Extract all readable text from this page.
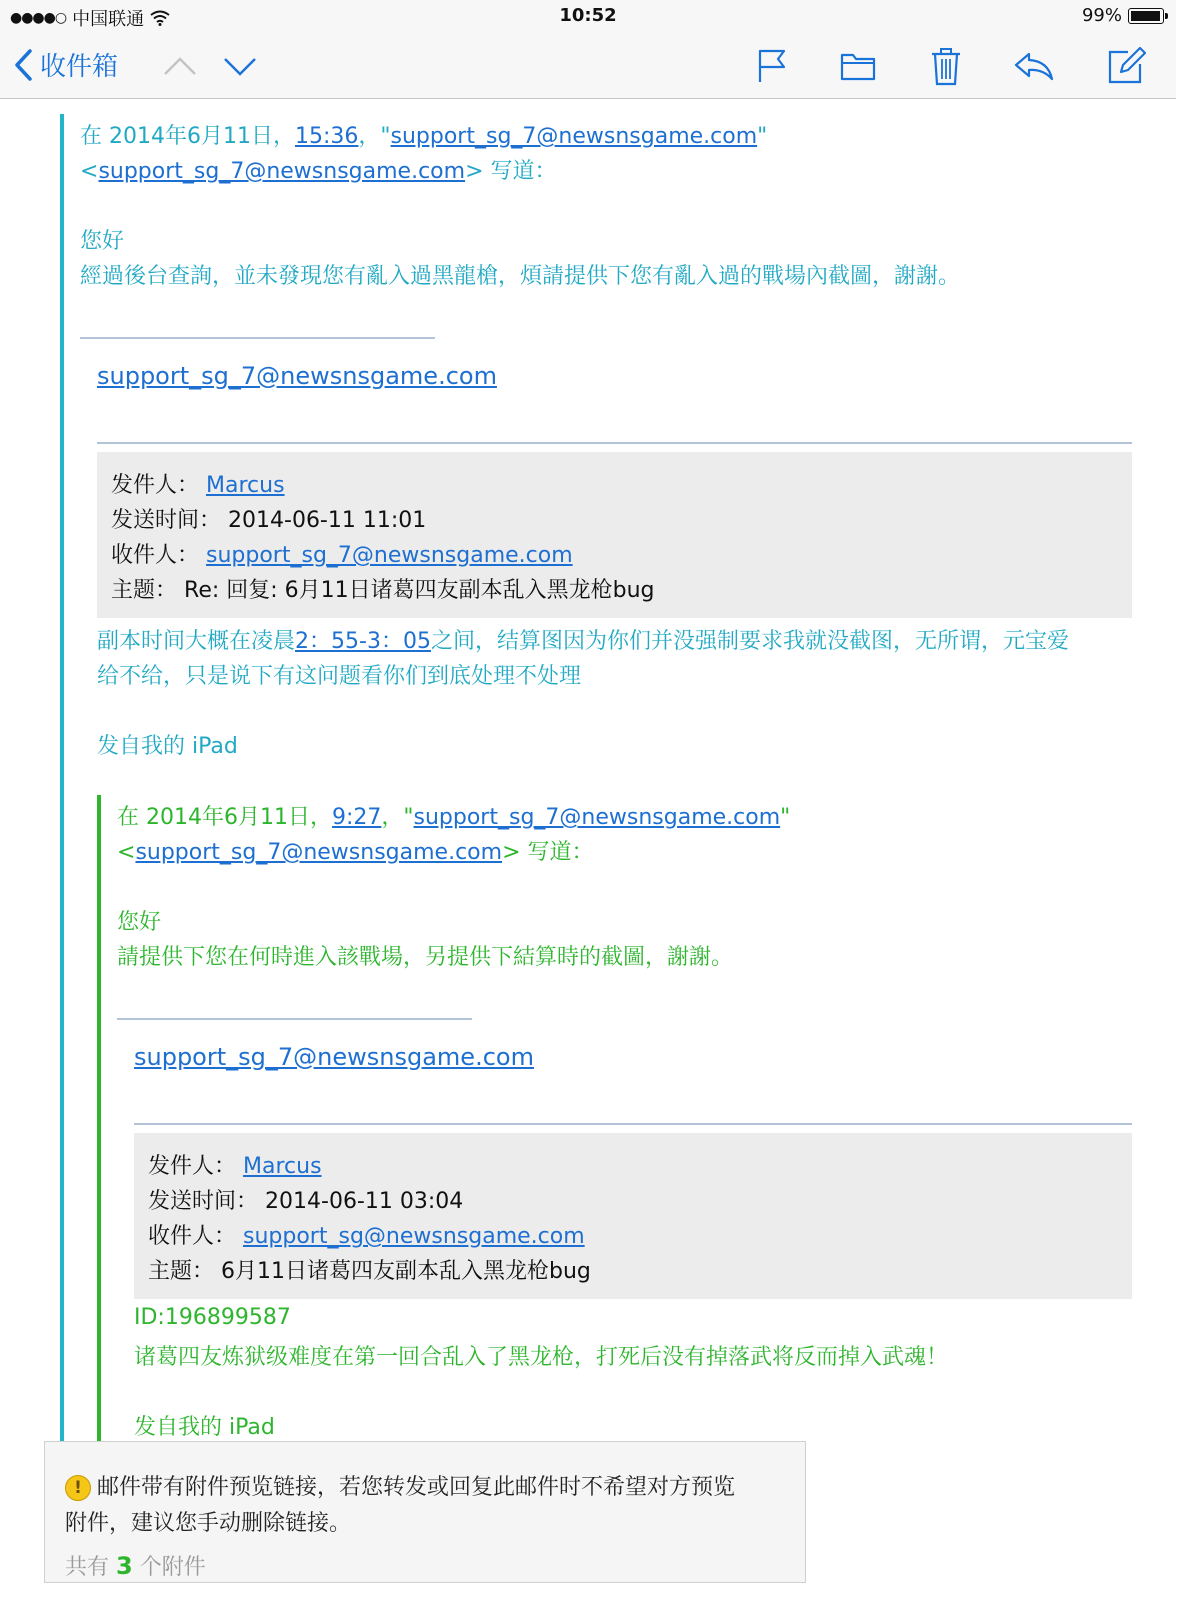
●●●●○ 中国联通	10:52	99%
收件箱
在 2014年6月11日，15:36，"support_sg_7@newsnsgame.com"
<support_sg_7@newsnsgame.com> 写道：
您好
經過後台查詢，並未發現您有亂入過黑龍槍，煩請提供下您有亂入過的戰場內截圖，謝謝。
support_sg_7@newsnsgame.com
发件人： Marcus
发送时间： 2014-06-11 11:01
收件人： support_sg_7@newsnsgame.com
主题： Re: 回复: 6月11日诸葛四友副本乱入黑龙枪bug
副本时间大概在凌晨2：55-3：05之间，结算图因为你们并没强制要求我就没截图，无所谓，元宝爱
给不给，只是说下有这问题看你们到底处理不处理
发自我的 iPad
在 2014年6月11日，9:27，"support_sg_7@newsnsgame.com"
<support_sg_7@newsnsgame.com> 写道：
您好
請提供下您在何時進入該戰場，另提供下結算時的截圖，謝謝。
support_sg_7@newsnsgame.com
发件人： Marcus
发送时间： 2014-06-11 03:04
收件人： support_sg@newsnsgame.com
主题： 6月11日诸葛四友副本乱入黑龙枪bug
ID:196899587
诸葛四友炼狱级难度在第一回合乱入了黑龙枪，打死后没有掉落武将反而掉入武魂！
发自我的 iPad
! 邮件带有附件预览链接，若您转发或回复此邮件时不希望对方预览
附件，建议您手动删除链接。
共有 3 个附件
